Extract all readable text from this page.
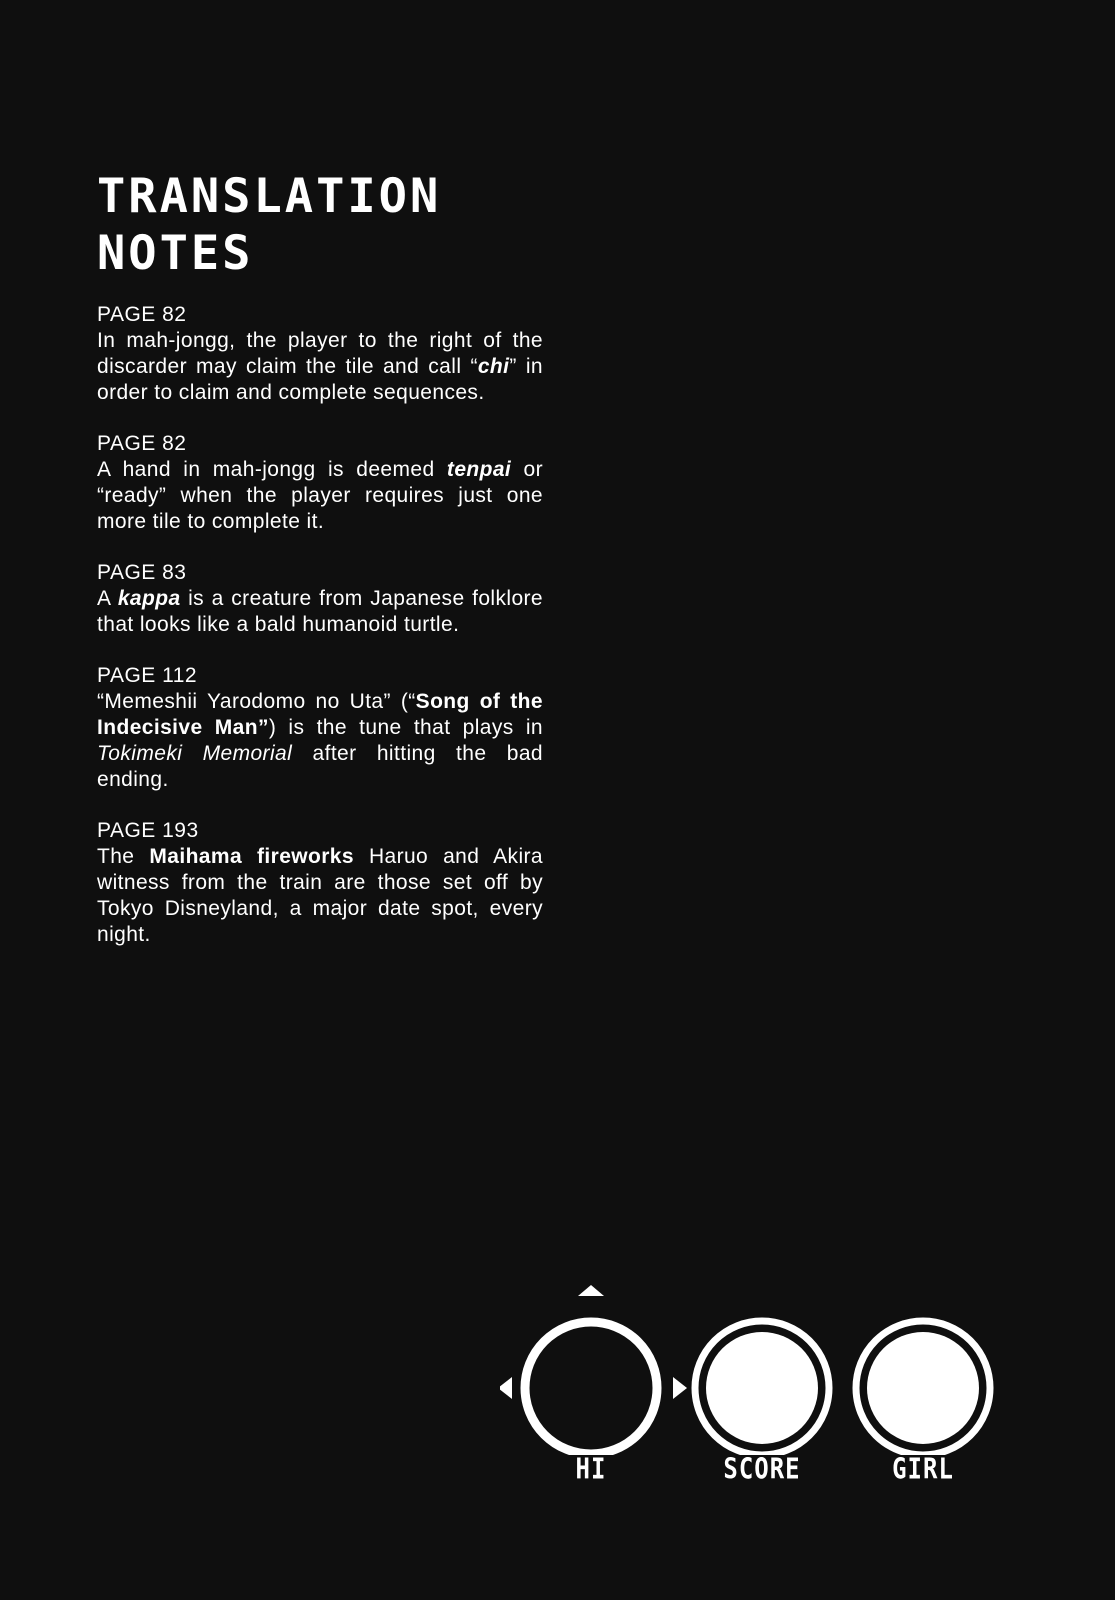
TRANSLATION
NOTES
PAGE 82
In mah-jongg, the player to the right of the discarder may claim the tile and call “chi” in order to claim and complete sequences.
PAGE 82
A hand in mah-jongg is deemed tenpai or “ready” when the player requires just one more tile to complete it.
PAGE 83
A kappa is a creature from Japanese folklore that looks like a bald humanoid turtle.
PAGE 112
“Memeshii Yarodomo no Uta” (“Song of the Indecisive Man”) is the tune that plays in Tokimeki Memorial after hitting the bad ending.
PAGE 193
The Maihama fireworks Haruo and Akira witness from the train are those set off by Tokyo Disneyland, a major date spot, every night.
HI	SCORE	GIRL
